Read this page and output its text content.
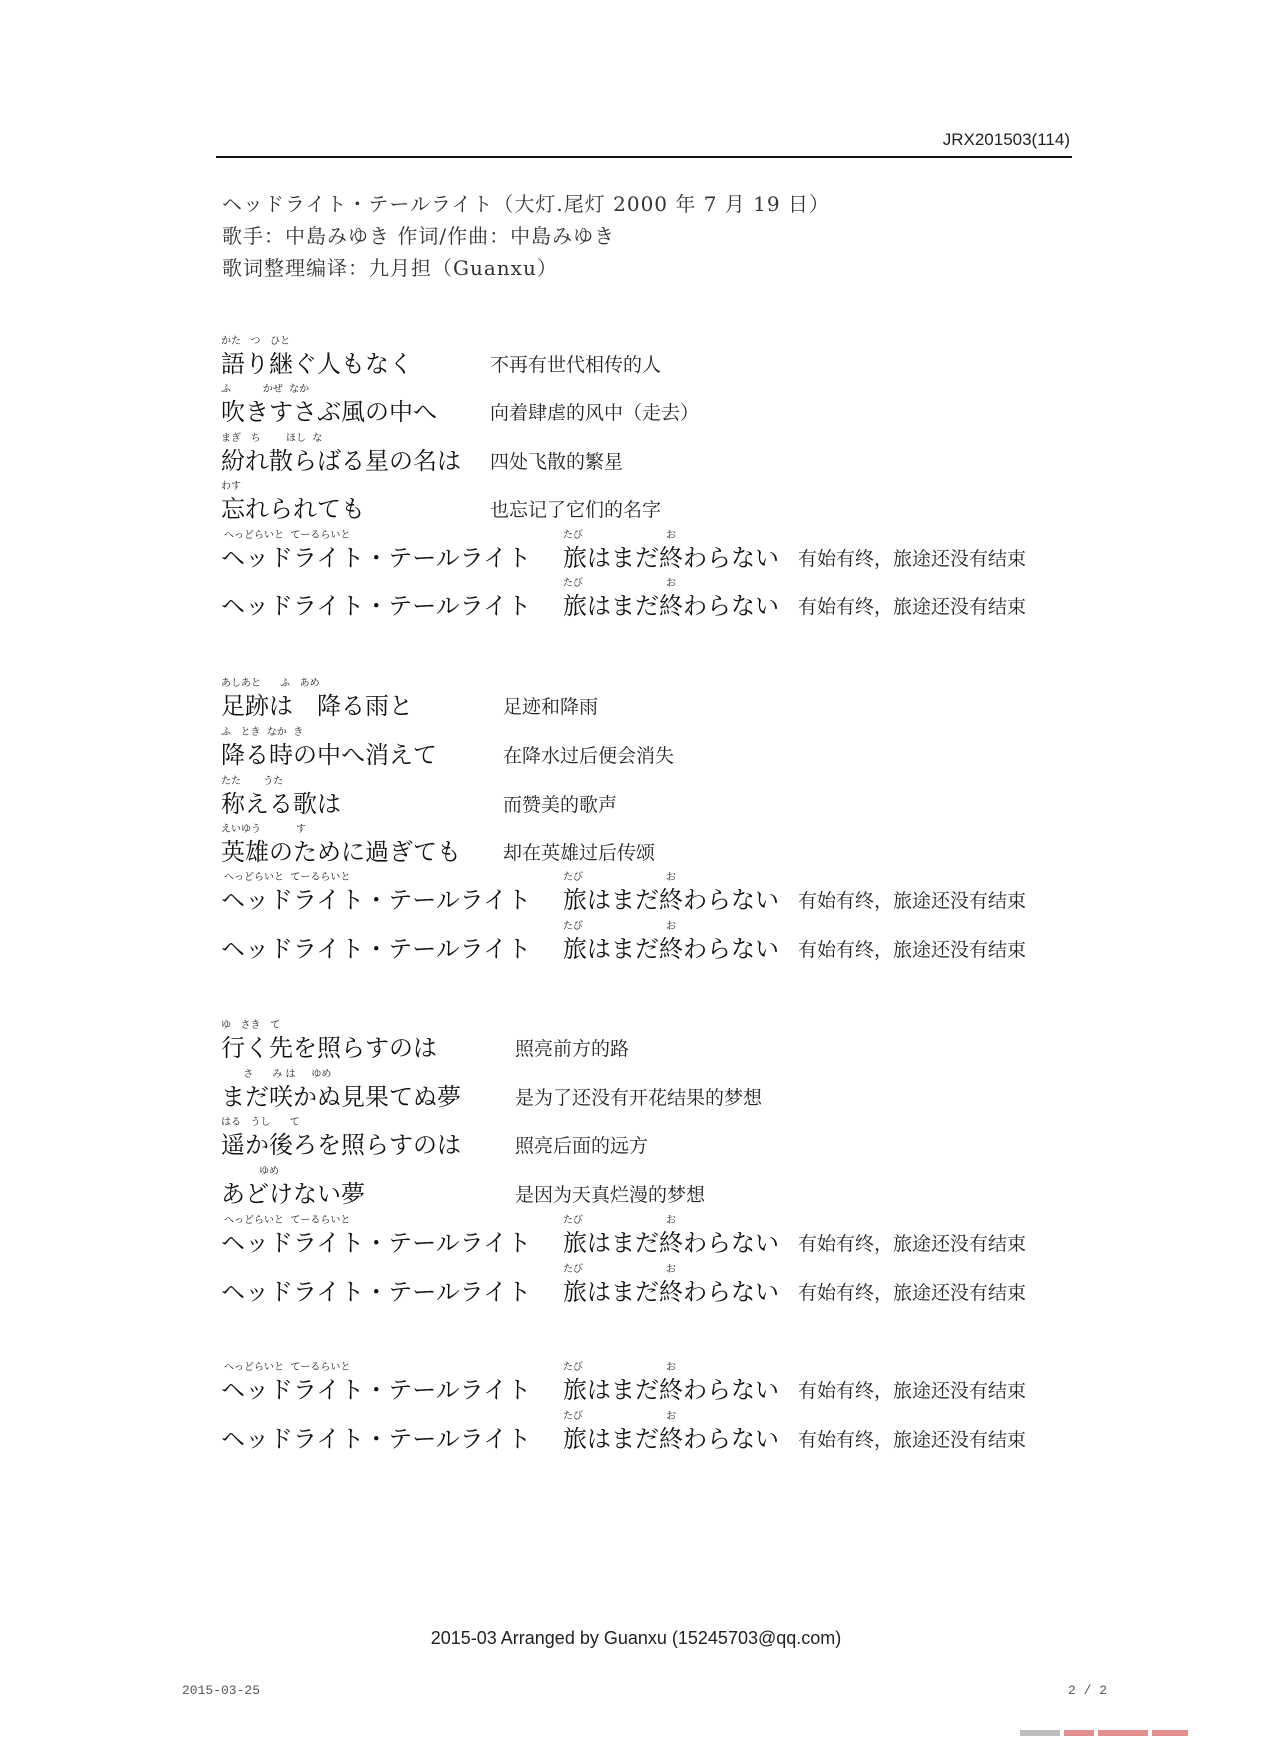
JRX201503(114)
ヘッドライト・テールライト（大灯.尾灯 2000 年 7 月 19 日）
歌手：中島みゆき 作词/作曲：中島みゆき
歌词整理编译：九月担（Guanxu）
かた   つ   ひと
語り継ぐ人もなく	不再有世代相传的人
ふ          かぜ  なか
吹きすさぶ風の中へ	向着肆虐的风中（走去）
まぎ   ち        ほし  な
紛れ散らばる星の名は 四处飞散的繁星
わす
忘れられても	也忘记了它们的名字
へっどらいと  てーるらいと	たび	お
ヘッドライト・テールライト 旅はまだ終わらない 有始有终，旅途还没有结束
たび	お
ヘッドライト・テールライト 旅はまだ終わらない 有始有终，旅途还没有结束
あしあと      ふ   あめ
足跡は　降る雨と	足迹和降雨
ふ   とき  なか  き
降る時の中へ消えて	在降水过后便会消失
たた       うた
称える歌は	而赞美的歌声
えいゆう           す
英雄のために過ぎても 却在英雄过后传颂
へっどらいと  てーるらいと	たび	お
ヘッドライト・テールライト 旅はまだ終わらない 有始有终，旅途还没有结束
たび	お
ヘッドライト・テールライト 旅はまだ終わらない 有始有终，旅途还没有结束
ゆ   さき   て
行く先を照らすのは	照亮前方的路
さ      み は     ゆめ
まだ咲かぬ見果てぬ夢	是为了还没有开花结果的梦想
はる   うし      て
遥か後ろを照らすのは	照亮后面的远方
ゆめ
あどけない夢	是因为天真烂漫的梦想
へっどらいと  てーるらいと	たび	お
ヘッドライト・テールライト 旅はまだ終わらない 有始有终，旅途还没有结束
たび	お
ヘッドライト・テールライト 旅はまだ終わらない 有始有终，旅途还没有结束
へっどらいと  てーるらいと	たび	お
ヘッドライト・テールライト 旅はまだ終わらない 有始有终，旅途还没有结束
たび	お
ヘッドライト・テールライト 旅はまだ終わらない 有始有终，旅途还没有结束
2015-03 Arranged by Guanxu (15245703@qq.com)
2015-03-25	2 / 2
